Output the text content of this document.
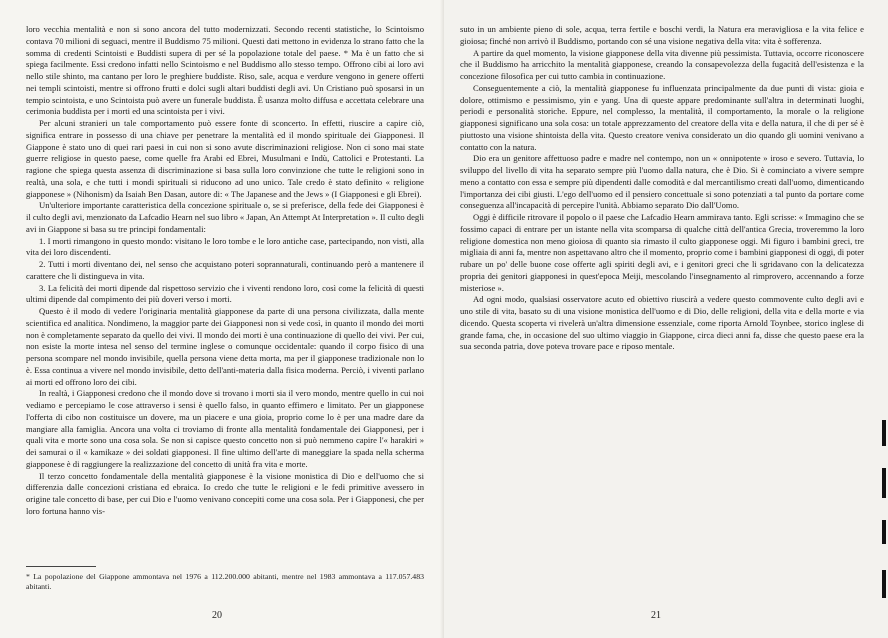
loro vecchia mentalità e non si sono ancora del tutto modernizzati. Secondo recenti statistiche, lo Scintoismo contava 70 milioni di seguaci, mentre il Buddismo 75 milioni. Questi dati mettono in evidenza lo strano fatto che la somma di credenti Scintoisti e Buddisti supera di per sé la popolazione totale del paese. * Ma è un fatto che si spiega facilmente. Essi credono infatti nello Scintoismo e nel Buddismo allo stesso tempo. Offrono cibi ai loro avi nello stile shinto, ma cantano per loro le preghiere buddiste. Riso, sale, acqua e verdure vengono in genere offerti nei templi scintoisti, mentre si offrono frutti e dolci sugli altari buddisti degli avi. Un Cristiano può sposarsi in un tempio scintoista, e uno Scintoista può avere un funerale buddista. È usanza molto diffusa e accettata celebrare una cerimonia buddista per i morti ed una scintoista per i vivi.

Per alcuni stranieri un tale comportamento può essere fonte di sconcerto. In effetti, riuscire a capire ciò, significa entrare in possesso di una chiave per penetrare la mentalità ed il mondo spirituale dei Giapponesi. Il Giappone è stato uno di quei rari paesi in cui non si sono avute discriminazioni religiose. Non ci sono mai state guerre religiose in questo paese, come quelle fra Arabi ed Ebrei, Musulmani e Indù, Cattolici e Protestanti. La ragione che spiega questa assenza di discriminazione si basa sulla loro convinzione che tutte le religioni sono in realtà, una sola, e che tutti i mondi spirituali si riducono ad uno unico. Tale credo è stato definito « religione giapponese » (Nihonism) da Isaiah Ben Dasan, autore di: « The Japanese and the Jews » (I Giapponesi e gli Ebrei).

Un'ulteriore importante caratteristica della concezione spirituale o, se si preferisce, della fede dei Giapponesi è il culto degli avi, menzionato da Lafcadio Hearn nel suo libro « Japan, An Attempt At Interpretation ». Il culto degli avi in Giappone si basa su tre principi fondamentali:

1. I morti rimangono in questo mondo: visitano le loro tombe e le loro antiche case, partecipando, non visti, alla vita dei loro discendenti.

2. Tutti i morti diventano dei, nel senso che acquistano poteri soprannaturali, continuando però a mantenere il carattere che li distingueva in vita.

3. La felicità dei morti dipende dal rispettoso servizio che i viventi rendono loro, così come la felicità di questi ultimi dipende dal compimento dei più doveri verso i morti.

Questo è il modo di vedere l'originaria mentalità giapponese da parte di una persona civilizzata, dalla mente scientifica ed analitica. Nondimeno, la maggior parte dei Giapponesi non si vede così, in quanto il mondo dei morti non è completamente separato da quello dei vivi. Il mondo dei morti è una continuazione di quello dei vivi. Per cui, non esiste la morte intesa nel senso del termine inglese o comunque occidentale: quando il corpo fisico di una persona scompare nel mondo invisibile, quella persona viene detta morta, ma per il giapponese tradizionale non lo è. Essa continua a vivere nel mondo invisibile, detto dell'anti-materia dalla fisica moderna. Perciò, i viventi parlano ai morti ed offrono loro dei cibi.

In realtà, i Giapponesi credono che il mondo dove si trovano i morti sia il vero mondo, mentre quello in cui noi vediamo e percepiamo le cose attraverso i sensi è quello falso, in quanto effimero e limitato. Per un giapponese l'offerta di cibo non costituisce un dovere, ma un piacere e una gioia, proprio come lo è per una madre dare da mangiare alla famiglia. Ancora una volta ci troviamo di fronte alla mentalità fondamentale dei Giapponesi, per i quali vita e morte sono una cosa sola. Se non si capisce questo concetto non si può nemmeno capire l'« harakiri » dei samurai o il « kamikaze » dei soldati giapponesi. Il fine ultimo dell'arte di maneggiare la spada nella scherma giapponese è di raggiungere la realizzazione del concetto di unità fra vita e morte.

Il terzo concetto fondamentale della mentalità giapponese è la visione monistica di Dio e dell'uomo che si differenzia dalle concezioni cristiana ed ebraica. Io credo che tutte le religioni e le fedi primitive avessero in origine tale concetto di base, per cui Dio e l'uomo venivano concepiti come una cosa sola. Per i Giapponesi, che per loro fortuna hanno vis-

* La popolazione del Giappone ammontava nel 1976 a 112.200.000 abitanti, mentre nel 1983 ammontava a 117.057.483 abitanti.
20

suto in un ambiente pieno di sole, acqua, terra fertile e boschi verdi, la Natura era meravigliosa e la vita felice e gioiosa; finché non arrivò il Buddismo, portando con sé una visione negativa della vita: vita è sofferenza.

A partire da quel momento, la visione giapponese della vita divenne più pessimista. Tuttavia, occorre riconoscere che il Buddismo ha arricchito la mentalità giapponese, creando la consapevolezza della fugacità dell'esistenza e la concezione filosofica per cui tutto cambia in continuazione.

Conseguentemente a ciò, la mentalità giapponese fu influenzata principalmente da due punti di vista: gioia e dolore, ottimismo e pessimismo, yin e yang. Una di queste appare predominante sull'altra in determinati luoghi, periodi e personalità storiche. Eppure, nel complesso, la mentalità, il comportamento, la morale o la religione giapponesi significano una sola cosa: un totale apprezzamento del creatore della vita e della natura, il che di per sé è piuttosto una visione shintoista della vita. Questo creatore veniva considerato un dio quando gli uomini venivano a contatto con la natura.

Dio era un genitore affettuoso padre e madre nel contempo, non un « onnipotente » iroso e severo. Tuttavia, lo sviluppo del livello di vita ha separato sempre più l'uomo dalla natura, che è Dio. Si è cominciato a vivere sempre meno a contatto con essa e sempre più dipendenti dalle comodità e dal mercantilismo creati dall'uomo, dimenticando l'importanza dei cibi giusti. L'ego dell'uomo ed il pensiero concettuale si sono potenziati a tal punto da portare come conseguenza all'incapacità di percepire l'unità. Abbiamo separato Dio dall'Uomo.

Oggi è difficile ritrovare il popolo o il paese che Lafcadio Hearn ammirava tanto. Egli scrisse: « Immagino che se fossimo capaci di entrare per un istante nella vita scomparsa di qualche città dell'antica Grecia, troveremmo la loro religione domestica non meno gioiosa di quanto sia rimasto il culto giapponese oggi. Mi figuro i bambini greci, tre migliaia di anni fa, mentre non aspettavano altro che il momento, proprio come i bambini giapponesi di oggi, di poter rubare un po' delle buone cose offerte agli spiriti degli avi, e i genitori greci che li sgridavano con la delicatezza propria dei genitori giapponesi in quest'epoca Meiji, mescolando l'insegnamento al rimprovero, accennando a forze misteriose ».

Ad ogni modo, qualsiasi osservatore acuto ed obiettivo riuscirà a vedere questo commovente culto degli avi e uno stile di vita, basato su di una visione monistica dell'uomo e di Dio, delle religioni, della vita e della morte e via dicendo. Questa scoperta vi rivelerà un'altra dimensione essenziale, come riporta Arnold Toynbee, storico inglese di grande fama, che, in occasione del suo ultimo viaggio in Giappone, circa dieci anni fa, disse che questo paese era la sua seconda patria, dove poteva trovare pace e riposo mentale.

21
